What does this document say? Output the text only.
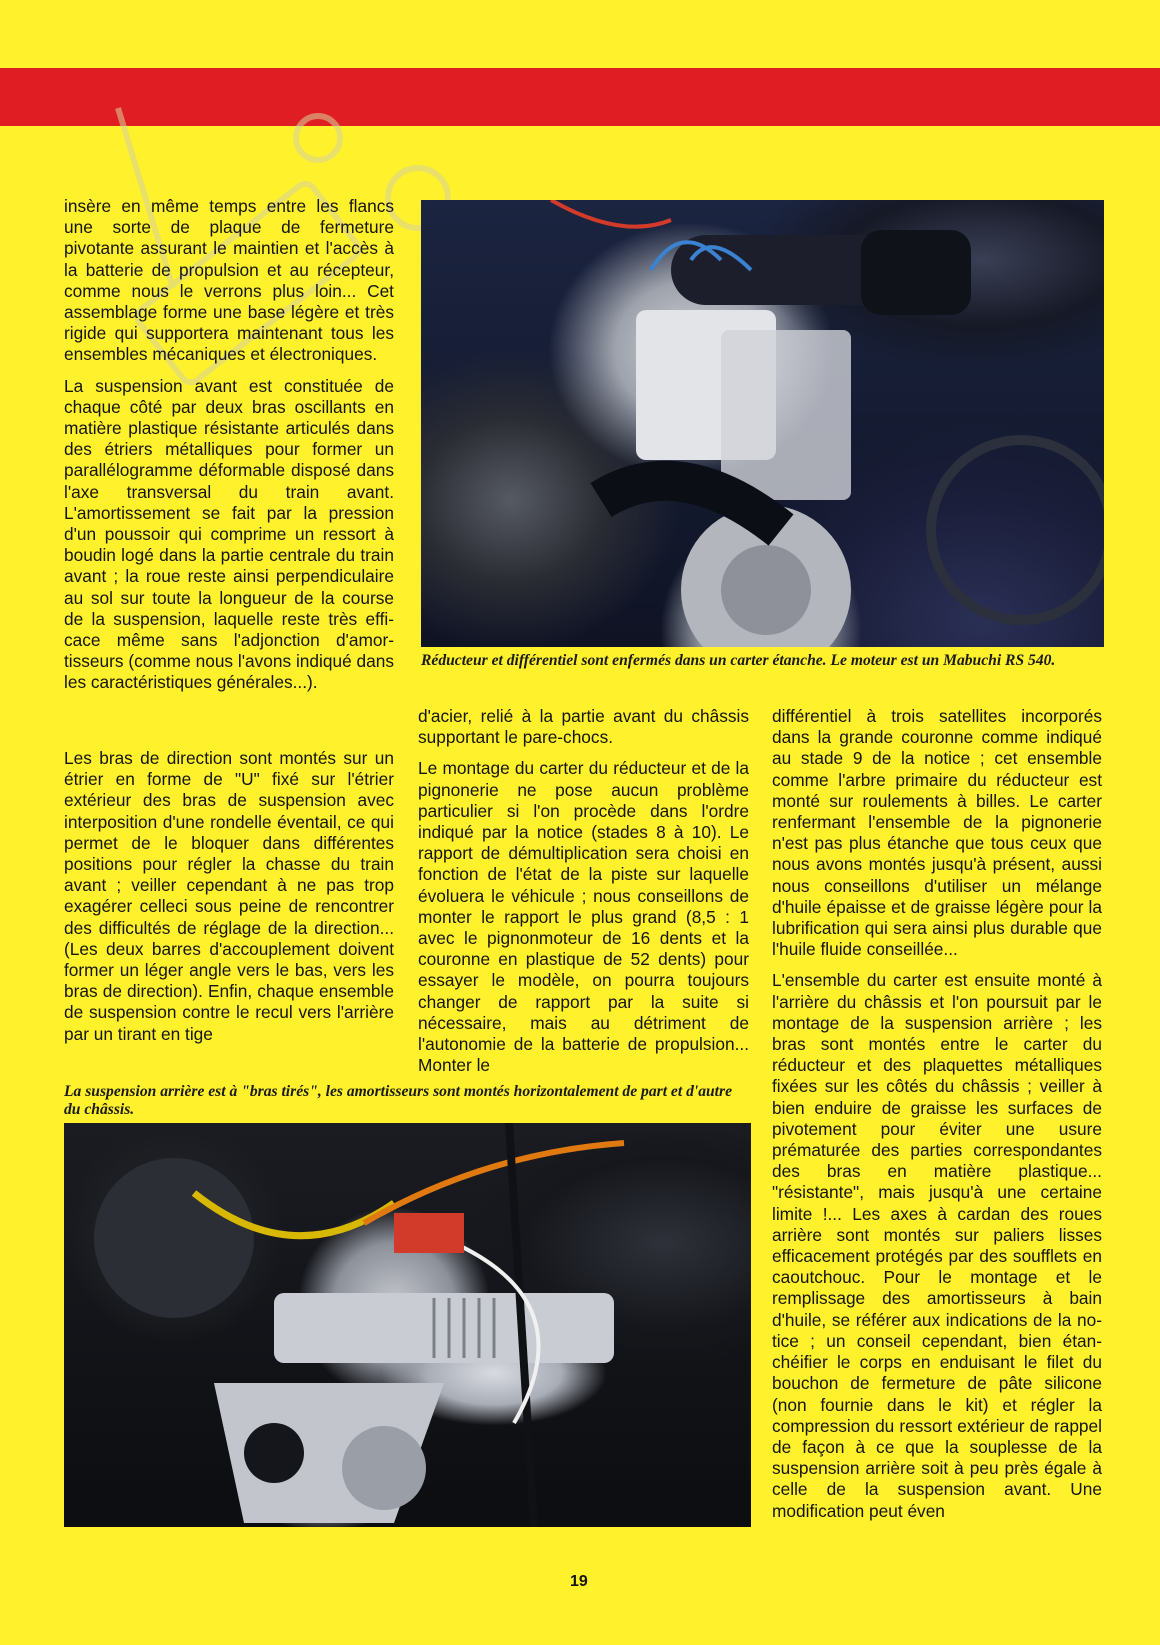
insère en même temps entre les flancs une sorte de plaque de fermeture pivotante assurant le maintien et l'accès à la batterie de propulsion et au récepteur, comme nous le verrons plus loin... Cet assemblage forme une base légère et très rigide qui supportera maintenant tous les ensembles mécaniques et électroniques.

La suspension avant est constituée de chaque côté par deux bras oscillants en matière plastique résistante articulés dans des étriers métalliques pour former un parallélogramme déformable disposé dans l'axe transversal du train avant. L'amortissement se fait par la pression d'un poussoir qui comprime un ressort à boudin logé dans la partie centrale du train avant ; la roue reste ainsi perpendiculaire au sol sur toute la longueur de la course de la suspension, laquelle reste très efficace même sans l'adjonction d'amortisseurs (comme nous l'avons indiqué dans les caractéristiques générales...).

Les bras de direction sont montés sur un étrier en forme de "U" fixé sur l'étrier extérieur des bras de suspension avec interposition d'une rondelle éventail, ce qui permet de le bloquer dans différentes positions pour régler la chasse du train avant ; veiller cependant à ne pas trop exagérer celleci sous peine de rencontrer des difficultés de réglage de la direction... (Les deux barres d'accouplement doivent former un léger angle vers le bas, vers les bras de direction). Enfin, chaque ensemble de suspension contre le recul vers l'arrière par un tirant en tige

Réducteur et différentiel sont enfermés dans un carter étanche. Le moteur est un Mabuchi RS 540.

d'acier, relié à la partie avant du châssis supportant le pare-chocs.

Le montage du carter du réducteur et de la pignonerie ne pose aucun problème particulier si l'on procède dans l'ordre indiqué par la notice (stades 8 à 10). Le rapport de démultiplication sera choisi en fonction de l'état de la piste sur laquelle évoluera le véhicule ; nous conseillons de monter le rapport le plus grand (8,5 : 1 avec le pignonmoteur de 16 dents et la couronne en plastique de 52 dents) pour essayer le modèle, on pourra toujours changer de rapport par la suite si nécessaire, mais au détriment de l'autonomie de la batterie de propulsion... Monter le

différentiel à trois satellites incorporés dans la grande couronne comme indiqué au stade 9 de la notice ; cet ensemble comme l'arbre primaire du réducteur est monté sur roulements à billes. Le carter renfermant l'ensemble de la pignonerie n'est pas plus étanche que tous ceux que nous avons montés jusqu'à présent, aussi nous conseillons d'utiliser un mélange d'huile épaisse et de graisse légère pour la lubrification qui sera ainsi plus durable que l'huile fluide conseillée...

L'ensemble du carter est ensuite monté à l'arrière du châssis et l'on poursuit par le montage de la suspension arrière ; les bras sont montés entre le carter du réducteur et des plaquettes métalliques fixées sur les côtés du châssis ; veiller à bien enduire de graisse les surfaces de pivotement pour éviter une usure prématurée des parties correspondantes des bras en matière plastique... "résistante", mais jusqu'à une certaine limite !... Les axes à cardan des roues arrière sont montés sur paliers lisses efficacement protégés par des soufflets en caoutchouc. Pour le montage et le remplissage des amortisseurs à bain d'huile, se référer aux indications de la notice ; un conseil cependant, bien étanchéifier le corps en enduisant le filet du bouchon de fermeture de pâte silicone (non fournie dans le kit) et régler la compression du ressort extérieur de rappel de façon à ce que la souplesse de la suspension arrière soit à peu près égale à celle de la suspension avant. Une modification peut éven

La suspension arrière est à "bras tirés", les amortisseurs sont montés horizontalement de part et d'autre du châssis.
19
